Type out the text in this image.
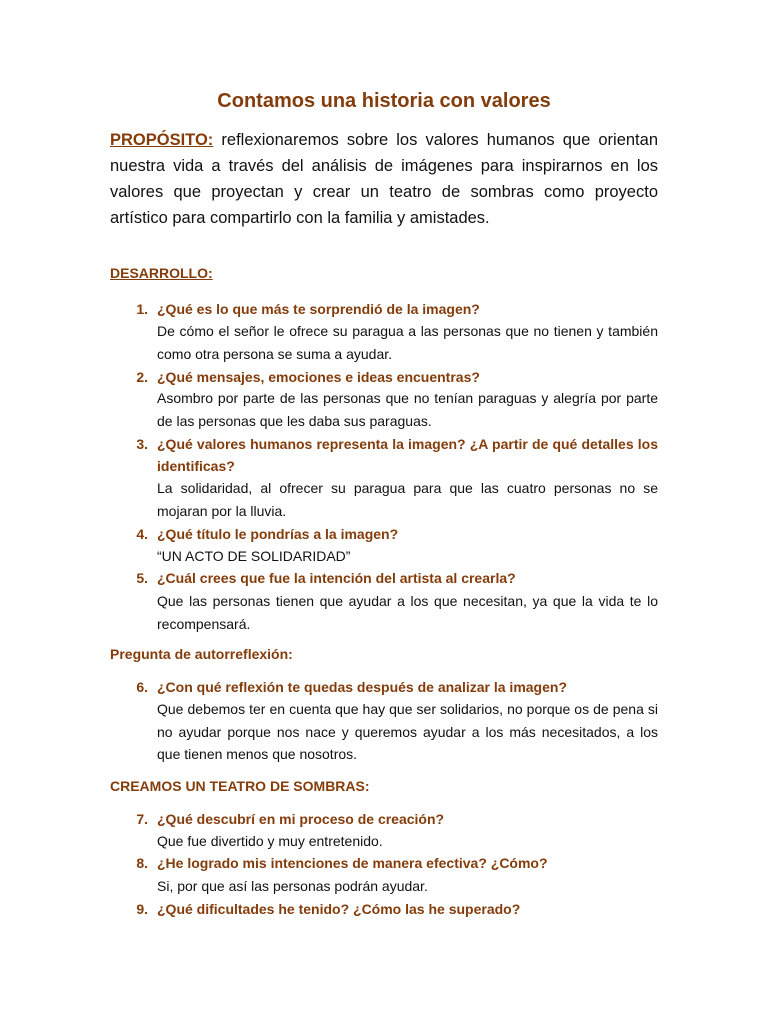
Contamos una historia con valores
PROPÓSITO: reflexionaremos sobre los valores humanos que orientan nuestra vida a través del análisis de imágenes para inspirarnos en los valores que proyectan y crear un teatro de sombras como proyecto artístico para compartirlo con la familia y amistades.
DESARROLLO:
1. ¿Qué es lo que más te sorprendió de la imagen?
De cómo el señor le ofrece su paragua a las personas que no tienen y también como otra persona se suma a ayudar.
2. ¿Qué mensajes, emociones e ideas encuentras?
Asombro por parte de las personas que no tenían paraguas y alegría por parte de las personas que les daba sus paraguas.
3. ¿Qué valores humanos representa la imagen? ¿A partir de qué detalles los identificas?
La solidaridad, al ofrecer su paragua para que las cuatro personas no se mojaran por la lluvia.
4. ¿Qué título le pondrías a la imagen?
“UN ACTO DE SOLIDARIDAD”
5. ¿Cuál crees que fue la intención del artista al crearla?
Que las personas tienen que ayudar a los que necesitan, ya que la vida te lo recompensará.
Pregunta de autorreflexión:
6. ¿Con qué reflexión te quedas después de analizar la imagen?
Que debemos ter en cuenta que hay que ser solidarios, no porque os de pena si no ayudar porque nos nace y queremos ayudar a los más necesitados, a los que tienen menos que nosotros.
CREAMOS UN TEATRO DE SOMBRAS:
7. ¿Qué descubrí en mi proceso de creación?
Que fue divertido y muy entretenido.
8. ¿He logrado mis intenciones de manera efectiva? ¿Cómo?
Si, por que así las personas podrán ayudar.
9. ¿Qué dificultades he tenido? ¿Cómo las he superado?
